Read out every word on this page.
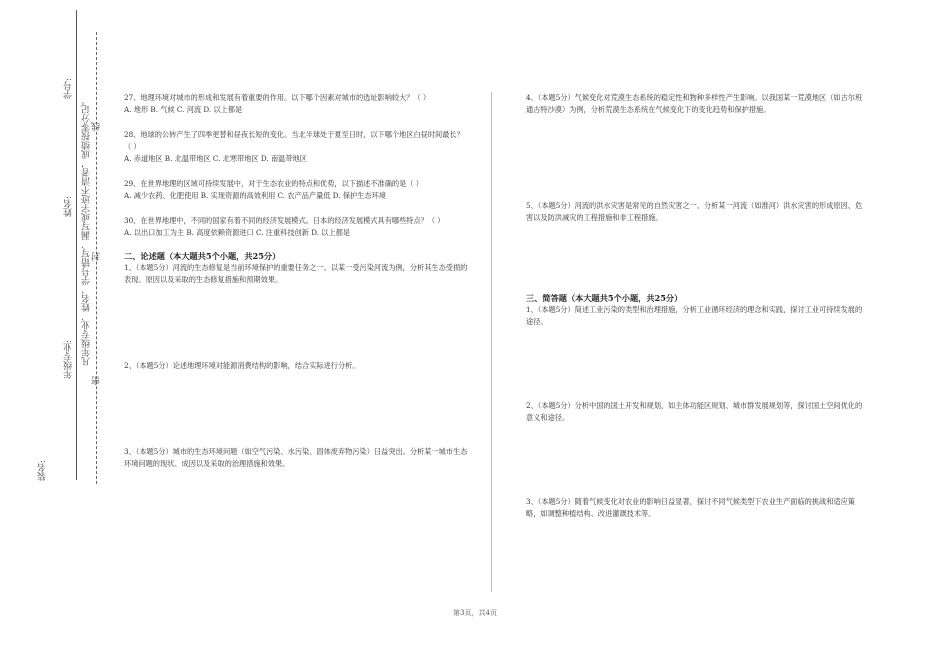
学号:
姓名:
年级专业:
装名:
凡年级专业、姓名、学号错写、漏写或字迹不清者，成绩按零分记。 线
封
密

27、地理环境对城市的形成和发展有着重要的作用。以下哪个因素对城市的选址影响较大？（ ）

A. 地形 B. 气候 C. 河流 D. 以上都是

28、地球的公转产生了四季更替和昼夜长短的变化。当北半球处于夏至日时，以下哪个地区白昼时间最长？（ ）

A. 赤道地区 B. 北温带地区 C. 北寒带地区 D. 南温带地区

29、在世界地理的区域可持续发展中，对于生态农业的特点和优势，以下描述不准确的是（ ）

A. 减少农药、化肥使用 B. 实现资源的高效利用 C. 农产品产量低 D. 保护生态环境

30、在世界地理中，不同的国家有着不同的经济发展模式。日本的经济发展模式具有哪些特点？（ ）

A. 以出口加工为主 B. 高度依赖资源进口 C. 注重科技创新 D. 以上都是

二、论述题（本大题共5个小题，共25分）

1、（本题5分）河流的生态修复是当前环境保护的重要任务之一。以某一受污染河流为例，分析其生态受损的表现、原因以及采取的生态修复措施和预期效果。

2、（本题5分）论述地理环境对能源消费结构的影响，结合实际进行分析。

3、（本题5分）城市的生态环境问题（如空气污染、水污染、固体废弃物污染）日益突出。分析某一城市生态环境问题的现状、成因以及采取的治理措施和效果。

4、（本题5分）气候变化对荒漠生态系统的稳定性和物种多样性产生影响。以我国某一荒漠地区（如古尔班通古特沙漠）为例，分析荒漠生态系统在气候变化下的变化趋势和保护措施。

5、（本题5分）河流的洪水灾害是常见的自然灾害之一。分析某一河流（如淮河）洪水灾害的形成原因、危害以及防洪减灾的工程措施和非工程措施。

三、简答题（本大题共5个小题，共25分）

1、（本题5分）简述工业污染的类型和治理措施，分析工业循环经济的理念和实践，探讨工业可持续发展的途径。

2、（本题5分）分析中国的国土开发和规划，如主体功能区规划、城市群发展规划等，探讨国土空间优化的意义和途径。

3、（本题5分）随着气候变化对农业的影响日益显著，探讨不同气候类型下农业生产面临的挑战和适应策略，如调整种植结构、改进灌溉技术等。

第3页，共4页
